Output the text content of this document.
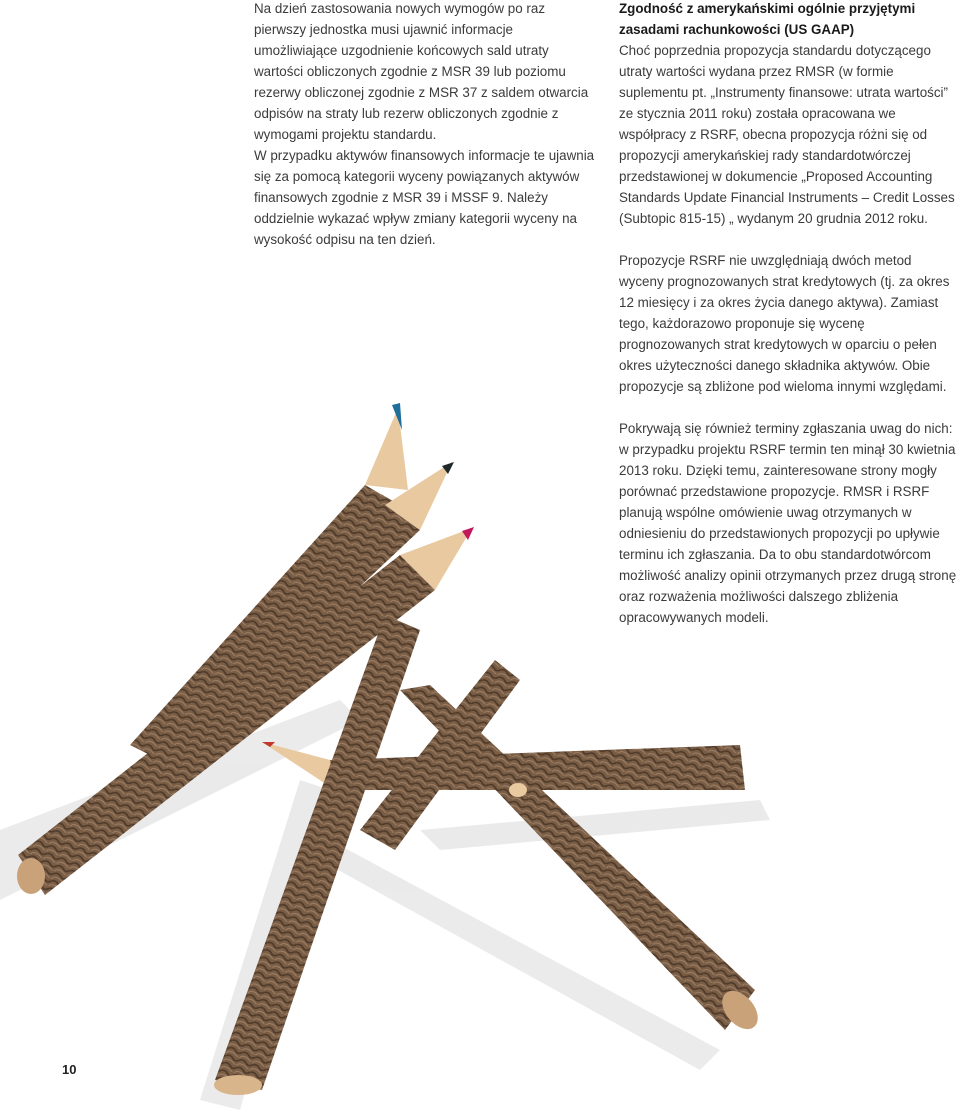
Na dzień zastosowania nowych wymogów po raz pierwszy jednostka musi ujawnić informacje umożliwiające uzgodnienie końcowych sald utraty wartości obliczonych zgodnie z MSR 39 lub poziomu rezerwy obliczonej zgodnie z MSR 37 z saldem otwarcia odpisów na straty lub rezerw obliczonych zgodnie z wymogami projektu standardu.

W przypadku aktywów finansowych informacje te ujawnia się za pomocą kategorii wyceny powiązanych aktywów finansowych zgodnie z MSR 39 i MSSF 9. Należy oddzielnie wykazać wpływ zmiany kategorii wyceny na wysokość odpisu na ten dzień.

Zgodność z amerykańskimi ogólnie przyjętymi zasadami rachunkowości (US GAAP)

Choć poprzednia propozycja standardu dotyczącego utraty wartości wydana przez RMSR (w formie suplementu pt. „Instrumenty finansowe: utrata wartości” ze stycznia 2011 roku) została opracowana we współpracy z RSRF, obecna propozycja różni się od propozycji amerykańskiej rady standardotwórczej przedstawionej w dokumencie „Proposed Accounting Standards Update Financial Instruments – Credit Losses (Subtopic 815-15) „ wydanym 20 grudnia 2012 roku.

Propozycje RSRF nie uwzględniają dwóch metod wyceny prognozowanych strat kredytowych (tj. za okres 12 miesięcy i za okres życia danego aktywa). Zamiast tego, każdorazowo proponuje się wycenę prognozowanych strat kredytowych w oparciu o pełen okres użyteczności danego składnika aktywów. Obie propozycje są zbliżone pod wieloma innymi względami.

Pokrywają się również terminy zgłaszania uwag do nich: w przypadku projektu RSRF termin ten minął 30 kwietnia 2013 roku. Dzięki temu, zainteresowane strony mogły porównać przedstawione propozycje. RMSR i RSRF planują wspólne omówienie uwag otrzymanych w odniesieniu do przedstawionych propozycji po upływie terminu ich zgłaszania. Da to obu standardotwórcom możliwość analizy opinii otrzymanych przez drugą stronę oraz rozważenia możliwości dalszego zbliżenia opracowywanych modeli.

10
